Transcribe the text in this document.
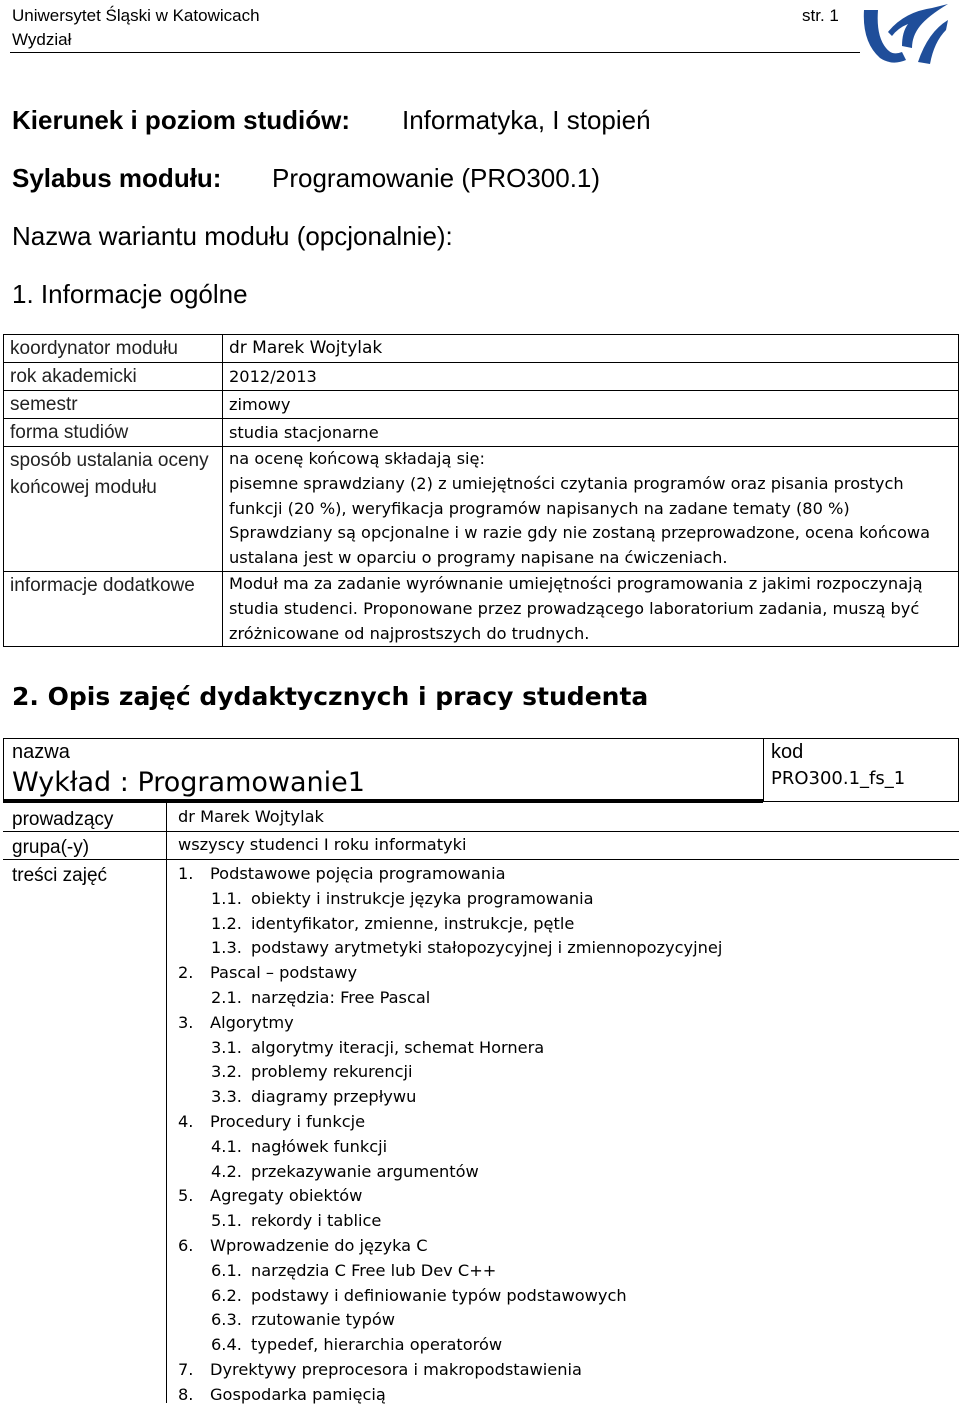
Uniwersytet Śląski w Katowicach
Wydział
str. 1
Kierunek i poziom studiów: Informatyka, I stopień
Sylabus modułu: Programowanie (PRO300.1)
Nazwa wariantu modułu (opcjonalnie):
1. Informacje ogólne
koordynator modułu	dr Marek Wojtylak
rok akademicki	2012/2013
semestr	zimowy
forma studiów	studia stacjonarne
sposób ustalania oceny końcowej modułu	na ocenę końcową składają się:
pisemne sprawdziany (2) z umiejętności czytania programów oraz pisania prostych funkcji (20 %), weryfikacja programów napisanych na zadane tematy (80 %)
Sprawdziany są opcjonalne i w razie gdy nie zostaną przeprowadzone, ocena końcowa ustalana jest w oparciu o programy napisane na ćwiczeniach.

informacje dodatkowe	Moduł ma za zadanie wyrównanie umiejętności programowania z jakimi rozpoczynają studia studenci. Proponowane przez prowadzącego laboratorium zadania, muszą być zróżnicowane od najprostszych do trudnych.
2. Opis zajęć dydaktycznych i pracy studenta
nazwa
Wykład : Programowanie1
kod
PRO300.1_fs_1
prowadzący	dr Marek Wojtylak
grupa(-y)	wszyscy studenci I roku informatyki
treści zajęć	1. Podstawowe pojęcia programowania
1.1. obiekty i instrukcje języka programowania
1.2. identyfikator, zmienne, instrukcje, pętle
1.3. podstawy arytmetyki stałopozycyjnej i zmiennopozycyjnej
2. Pascal – podstawy
2.1. narzędzia: Free Pascal
3. Algorytmy
3.1. algorytmy iteracji, schemat Hornera
3.2. problemy rekurencji
3.3. diagramy przepływu
4. Procedury i funkcje
4.1. nagłówek funkcji
4.2. przekazywanie argumentów
5. Agregaty obiektów
5.1. rekordy i tablice
6. Wprowadzenie do języka C
6.1. narzędzia C Free lub Dev C++
6.2. podstawy i definiowanie typów podstawowych
6.3. rzutowanie typów
6.4. typedef, hierarchia operatorów
7. Dyrektywy preprocesora i makropodstawienia
8. Gospodarka pamięcią
